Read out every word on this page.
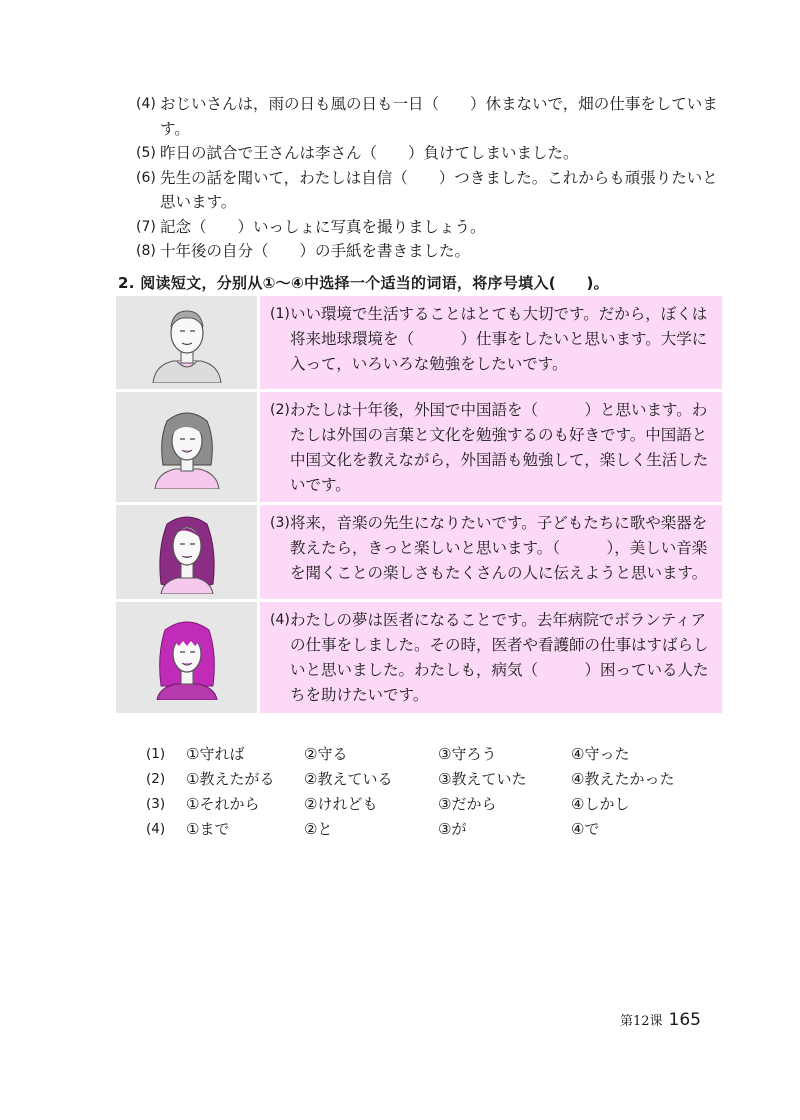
(4) おじいさんは，雨の日も風の日も一日（　　）休まないで，畑の仕事をしています。
(5) 昨日の試合で王さんは李さん（　　）負けてしまいました。
(6) 先生の話を聞いて，わたしは自信（　　）つきました。これからも頑張りたいと
思います。
(7) 記念（　　）いっしょに写真を撮りましょう。
(8) 十年後の自分（　　）の手紙を書きました。
2. 阅读短文，分别从①～④中选择一个适当的词语，将序号填入(　　)。
(1) いい環境で生活することはとても大切です。だから，ぼくは将来地球環境を（　　　）仕事をしたいと思います。大学に入って，いろいろな勉強をしたいです。
(2) わたしは十年後，外国で中国語を（　　　）と思います。わたしは外国の言葉と文化を勉強するのも好きです。中国語と中国文化を教えながら，外国語も勉強して，楽しく生活したいです。
(3) 将来，音楽の先生になりたいです。子どもたちに歌や楽器を教えたら，きっと楽しいと思います。（　　　），美しい音楽を聞くことの楽しさもたくさんの人に伝えようと思います。
(4) わたしの夢は医者になることです。去年病院でボランティアの仕事をしました。その時，医者や看護師の仕事はすばらしいと思いました。わたしも，病気（　　　）困っている人たちを助けたいです。
(1)	①守れば	②守る	③守ろう	④守った
(2)	①教えたがる	②教えている	③教えていた	④教えたかった
(3)	①それから	②けれども	③だから	④しかし
(4)	①まで	②と	③が	④で
第12课 165
